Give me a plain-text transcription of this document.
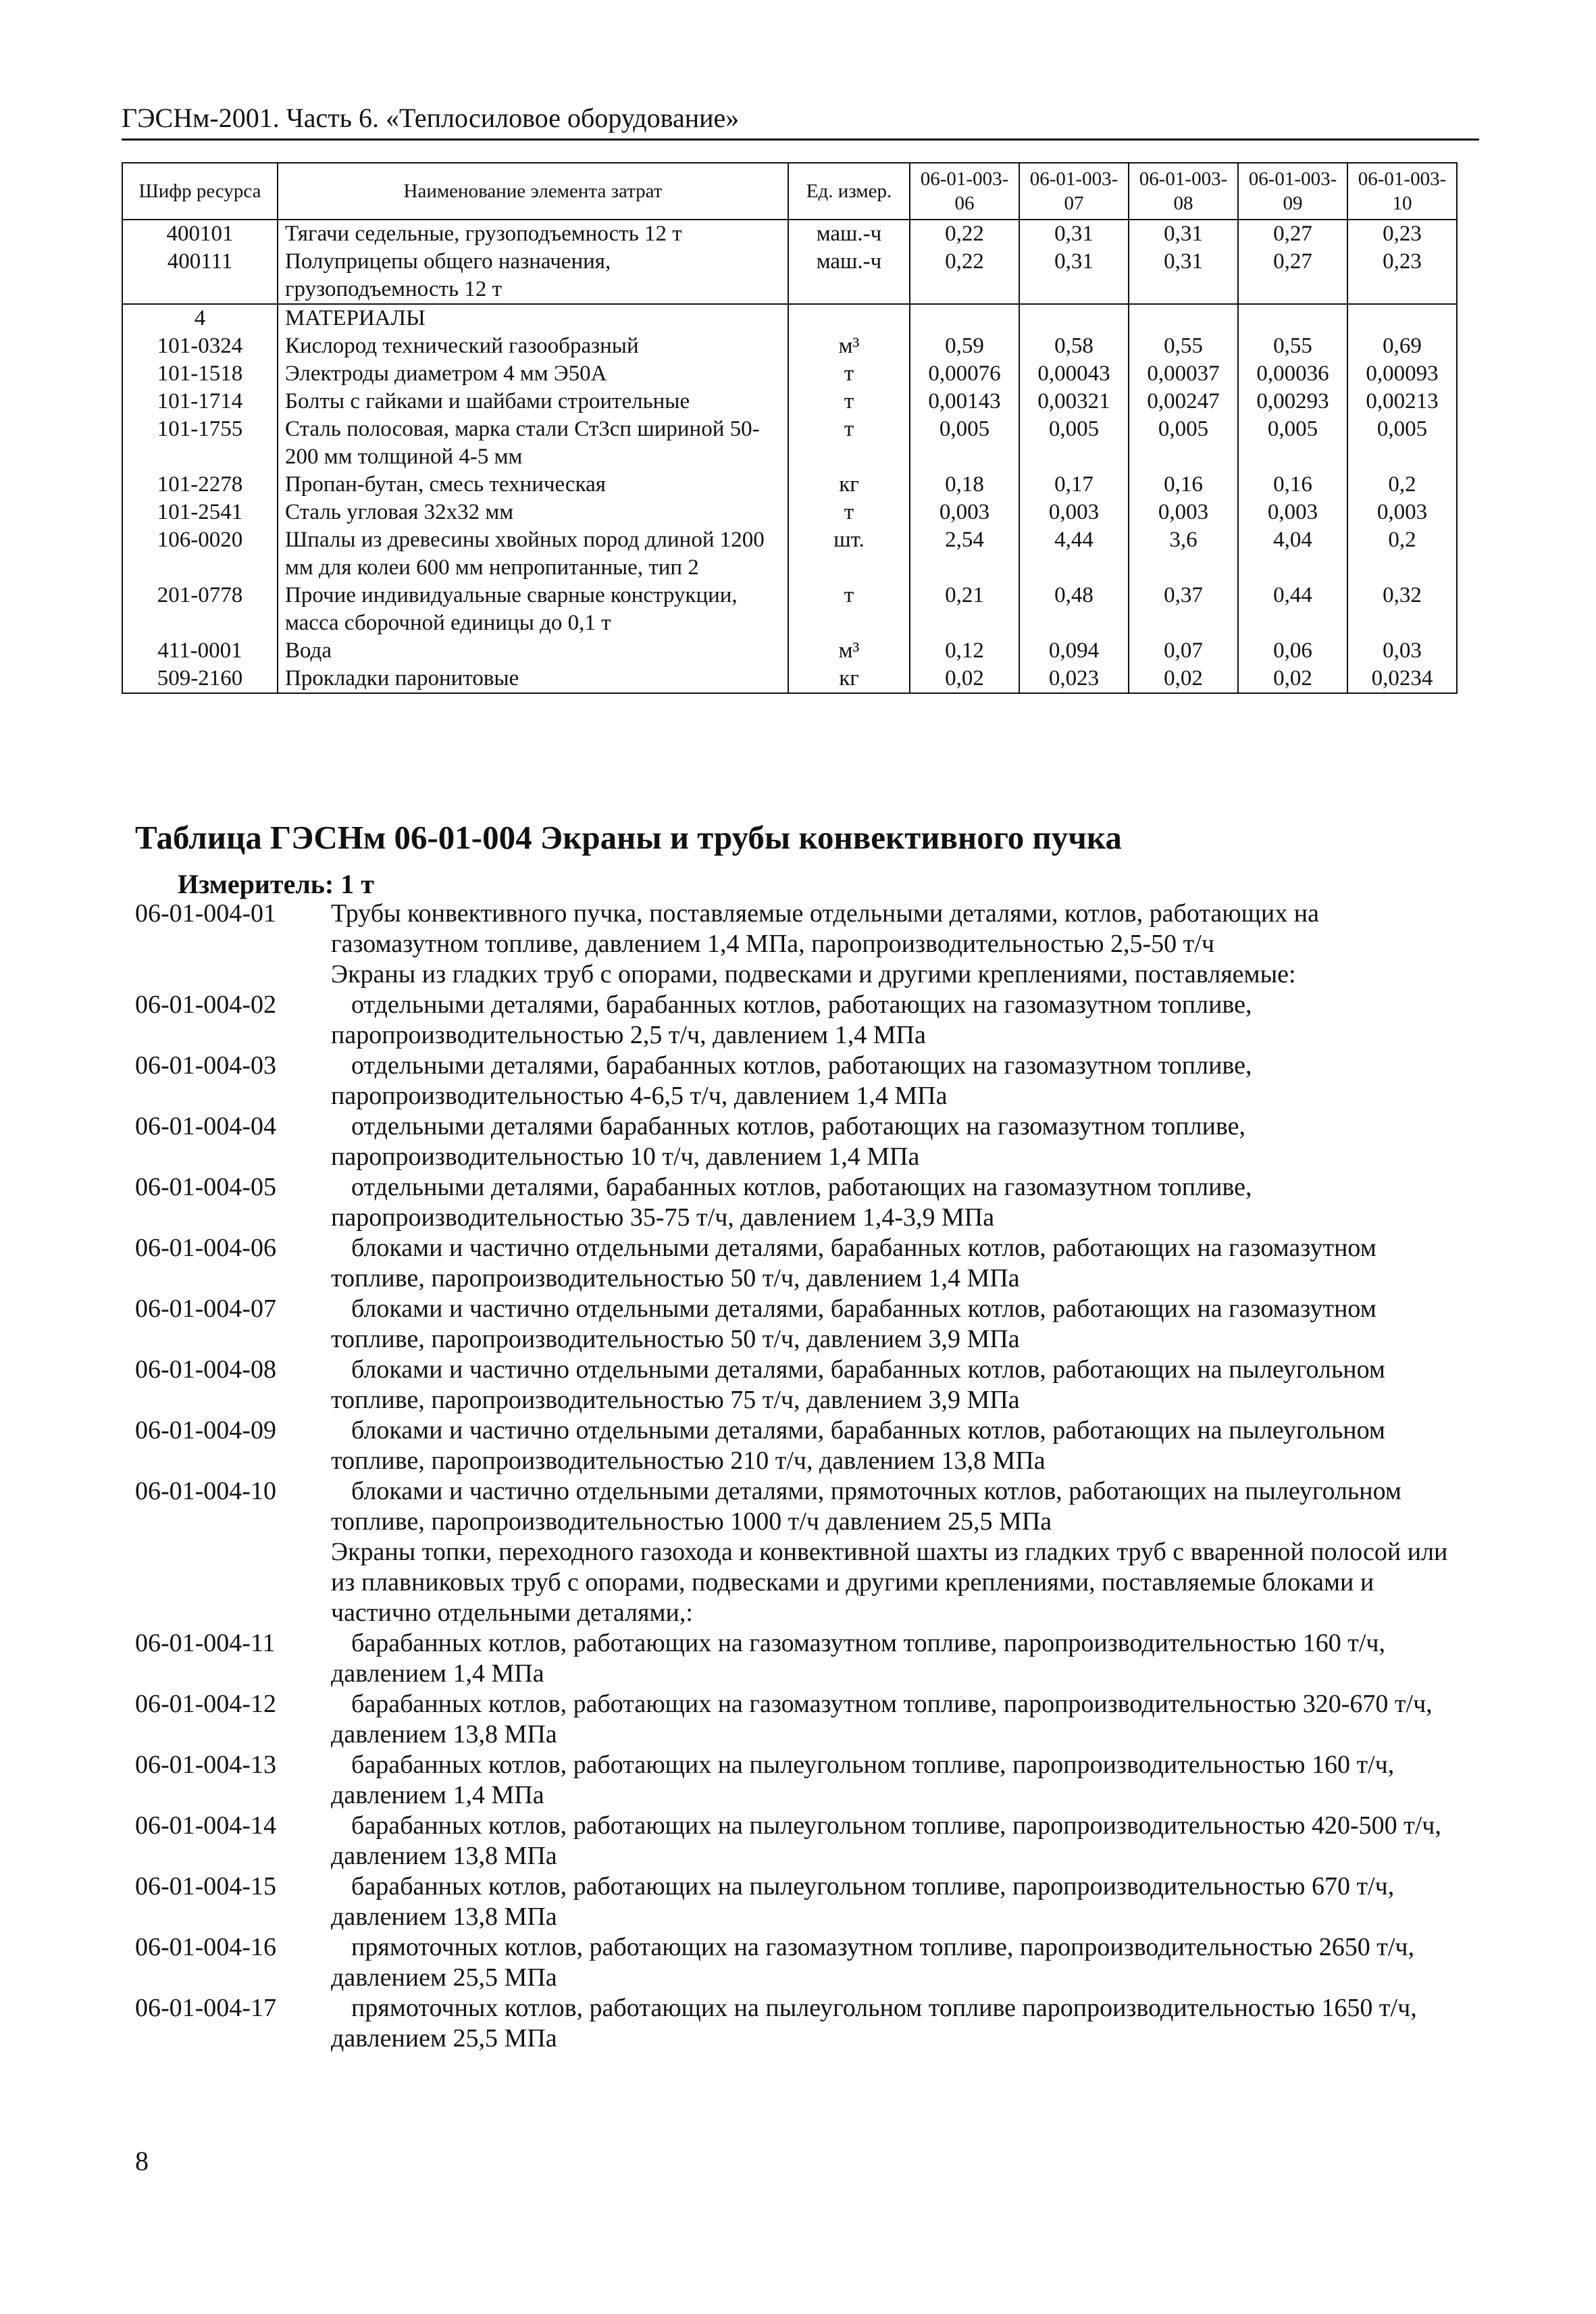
ГЭСНм-2001. Часть 6. «Теплосиловое оборудование»
Шифр ресурса	Наименование элемента затрат	Ед. измер.	06-01-003-06	06-01-003-07	06-01-003-08	06-01-003-09	06-01-003-10
400101	Тягачи седельные, грузоподъемность 12 т	маш.-ч	0,22	0,31	0,31	0,27	0,23
400111	Полуприцепы общего назначения, грузоподъемность 12 т	маш.-ч	0,22	0,31	0,31	0,27	0,23
4	МАТЕРИАЛЫ						
101-0324	Кислород технический газообразный	м³	0,59	0,58	0,55	0,55	0,69
101-1518	Электроды диаметром 4 мм Э50А	т	0,00076	0,00043	0,00037	0,00036	0,00093
101-1714	Болты с гайками и шайбами строительные	т	0,00143	0,00321	0,00247	0,00293	0,00213
101-1755	Сталь полосовая, марка стали Ст3сп шириной 50-200 мм толщиной 4-5 мм	т	0,005	0,005	0,005	0,005	0,005
101-2278	Пропан-бутан, смесь техническая	кг	0,18	0,17	0,16	0,16	0,2
101-2541	Сталь угловая 32х32 мм	т	0,003	0,003	0,003	0,003	0,003
106-0020	Шпалы из древесины хвойных пород длиной 1200 мм для колеи 600 мм непропитанные, тип 2	шт.	2,54	4,44	3,6	4,04	0,2
201-0778	Прочие индивидуальные сварные конструкции, масса сборочной единицы до 0,1 т	т	0,21	0,48	0,37	0,44	0,32
411-0001	Вода	м³	0,12	0,094	0,07	0,06	0,03
509-2160	Прокладки паронитовые	кг	0,02	0,023	0,02	0,02	0,0234
Таблица ГЭСНм 06-01-004 Экраны и трубы конвективного пучка
Измеритель: 1 т
06-01-004-01	Трубы конвективного пучка, поставляемые отдельными деталями, котлов, работающих на газомазутном топливе, давлением 1,4 МПа, паропроизводительностью 2,5-50 т/ч
Экраны из гладких труб с опорами, подвесками и другими креплениями, поставляемые:
06-01-004-02	отдельными деталями, барабанных котлов, работающих на газомазутном топливе, паропроизводительностью 2,5 т/ч, давлением 1,4 МПа
06-01-004-03	отдельными деталями, барабанных котлов, работающих на газомазутном топливе, паропроизводительностью 4-6,5 т/ч, давлением 1,4 МПа
06-01-004-04	отдельными деталями барабанных котлов, работающих на газомазутном топливе, паропроизводительностью 10 т/ч, давлением 1,4 МПа
06-01-004-05	отдельными деталями, барабанных котлов, работающих на газомазутном топливе, паропроизводительностью 35-75 т/ч, давлением 1,4-3,9 МПа
06-01-004-06	блоками и частично отдельными деталями, барабанных котлов, работающих на газомазутном топливе, паропроизводительностью 50 т/ч, давлением 1,4 МПа
06-01-004-07	блоками и частично отдельными деталями, барабанных котлов, работающих на газомазутном топливе, паропроизводительностью 50 т/ч, давлением 3,9 МПа
06-01-004-08	блоками и частично отдельными деталями, барабанных котлов, работающих на пылеугольном топливе, паропроизводительностью 75 т/ч, давлением 3,9 МПа
06-01-004-09	блоками и частично отдельными деталями, барабанных котлов, работающих на пылеугольном топливе, паропроизводительностью 210 т/ч, давлением 13,8 МПа
06-01-004-10	блоками и частично отдельными деталями, прямоточных котлов, работающих на пылеугольном топливе, паропроизводительностью 1000 т/ч давлением 25,5 МПа
Экраны топки, переходного газохода и конвективной шахты из гладких труб с вваренной полосой или из плавниковых труб с опорами, подвесками и другими креплениями, поставляемые блоками и частично отдельными деталями,:
06-01-004-11	барабанных котлов, работающих на газомазутном топливе, паропроизводительностью 160 т/ч, давлением 1,4 МПа
06-01-004-12	барабанных котлов, работающих на газомазутном топливе, паропроизводительностью 320-670 т/ч, давлением 13,8 МПа
06-01-004-13	барабанных котлов, работающих на пылеугольном топливе, паропроизводительностью 160 т/ч, давлением 1,4 МПа
06-01-004-14	барабанных котлов, работающих на пылеугольном топливе, паропроизводительностью 420-500 т/ч, давлением 13,8 МПа
06-01-004-15	барабанных котлов, работающих на пылеугольном топливе, паропроизводительностью 670 т/ч, давлением 13,8 МПа
06-01-004-16	прямоточных котлов, работающих на газомазутном топливе, паропроизводительностью 2650 т/ч, давлением 25,5 МПа
06-01-004-17	прямоточных котлов, работающих на пылеугольном топливе паропроизводительностью 1650 т/ч, давлением 25,5 МПа
8
